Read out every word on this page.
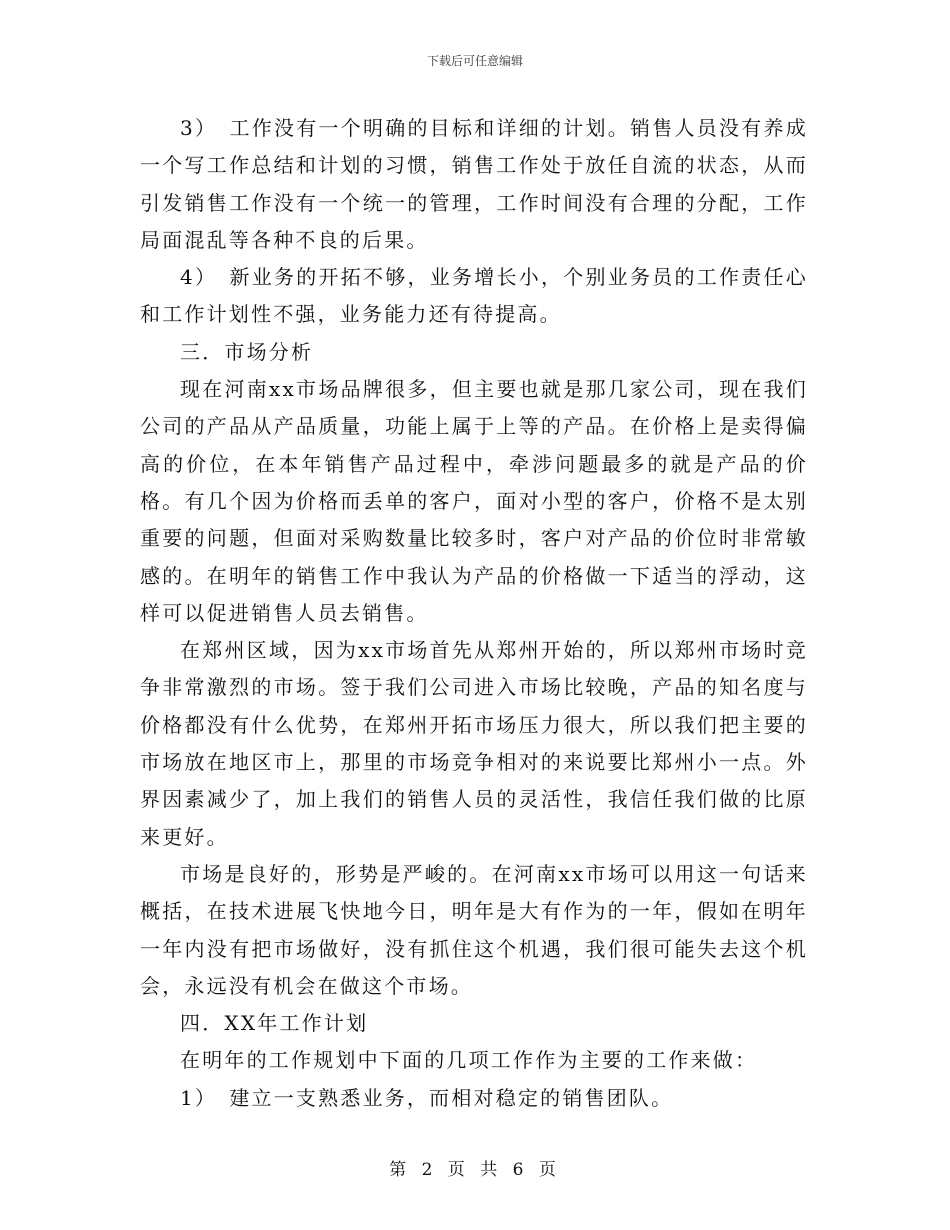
下载后可任意编辑

3）　工作没有一个明确的目标和详细的计划。销售人员没有养成一个写工作总结和计划的习惯，销售工作处于放任自流的状态，从而引发销售工作没有一个统一的管理，工作时间没有合理的分配，工作局面混乱等各种不良的后果。

4）　新业务的开拓不够，业务增长小，个别业务员的工作责任心和工作计划性不强，业务能力还有待提高。

三．市场分析

现在河南xx市场品牌很多，但主要也就是那几家公司，现在我们公司的产品从产品质量，功能上属于上等的产品。在价格上是卖得偏高的价位，在本年销售产品过程中，牵涉问题最多的就是产品的价格。有几个因为价格而丢单的客户，面对小型的客户，价格不是太别重要的问题，但面对采购数量比较多时，客户对产品的价位时非常敏感的。在明年的销售工作中我认为产品的价格做一下适当的浮动，这样可以促进销售人员去销售。

在郑州区域，因为xx市场首先从郑州开始的，所以郑州市场时竞争非常激烈的市场。签于我们公司进入市场比较晚，产品的知名度与价格都没有什么优势，在郑州开拓市场压力很大，所以我们把主要的市场放在地区市上，那里的市场竞争相对的来说要比郑州小一点。外界因素减少了，加上我们的销售人员的灵活性，我信任我们做的比原来更好。

市场是良好的，形势是严峻的。在河南xx市场可以用这一句话来概括，在技术进展飞快地今日，明年是大有作为的一年，假如在明年一年内没有把市场做好，没有抓住这个机遇，我们很可能失去这个机会，永远没有机会在做这个市场。

四．XX年工作计划

在明年的工作规划中下面的几项工作作为主要的工作来做：

1）　建立一支熟悉业务，而相对稳定的销售团队。

第 2 页 共 6 页
